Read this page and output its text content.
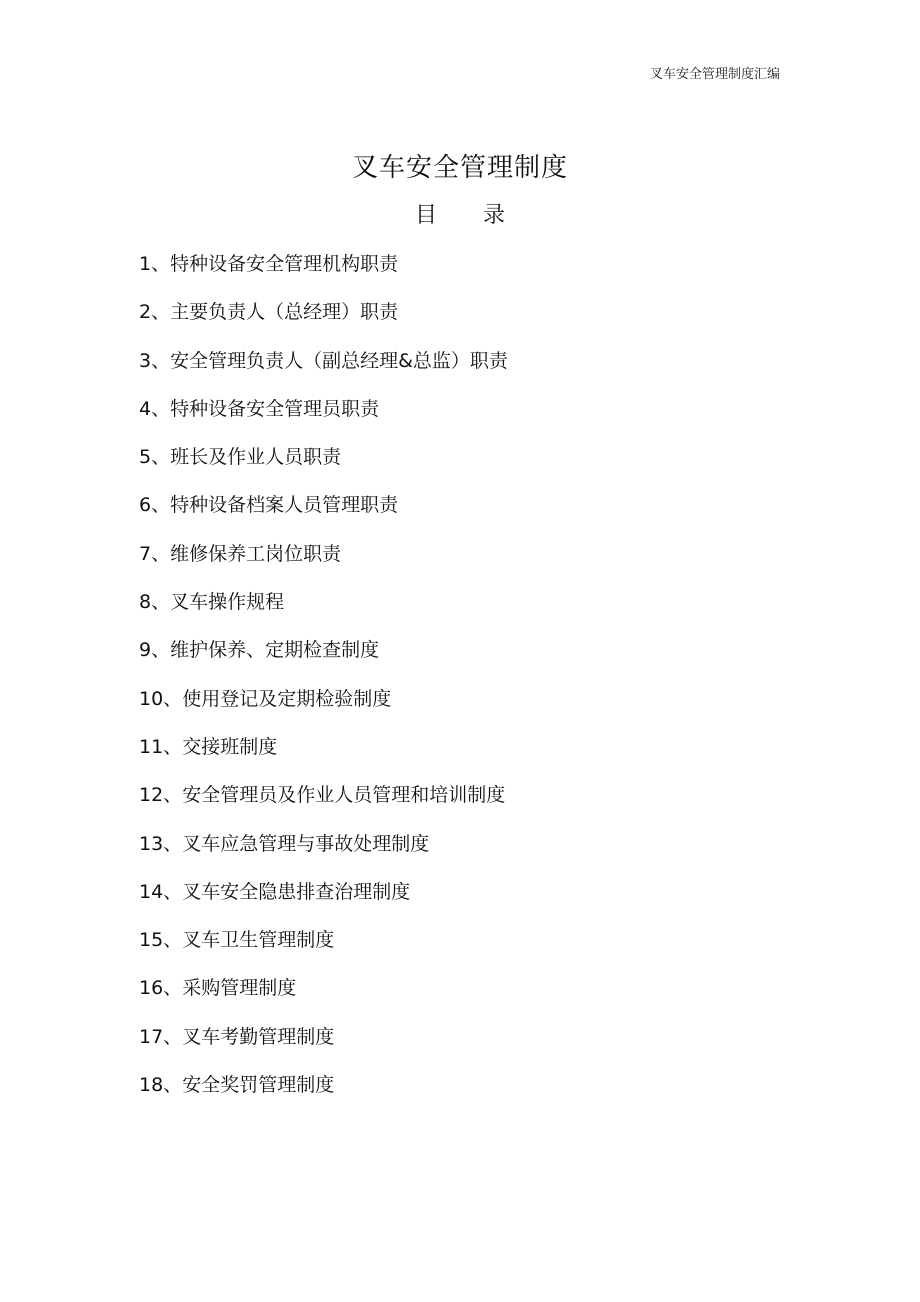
叉车安全管理制度汇编
叉车安全管理制度
目录
1、特种设备安全管理机构职责
2、主要负责人（总经理）职责
3、安全管理负责人（副总经理&总监）职责
4、特种设备安全管理员职责
5、班长及作业人员职责
6、特种设备档案人员管理职责
7、维修保养工岗位职责
8、叉车操作规程
9、维护保养、定期检查制度
10、使用登记及定期检验制度
11、交接班制度
12、安全管理员及作业人员管理和培训制度
13、叉车应急管理与事故处理制度
14、叉车安全隐患排查治理制度
15、叉车卫生管理制度
16、采购管理制度
17、叉车考勤管理制度
18、安全奖罚管理制度
